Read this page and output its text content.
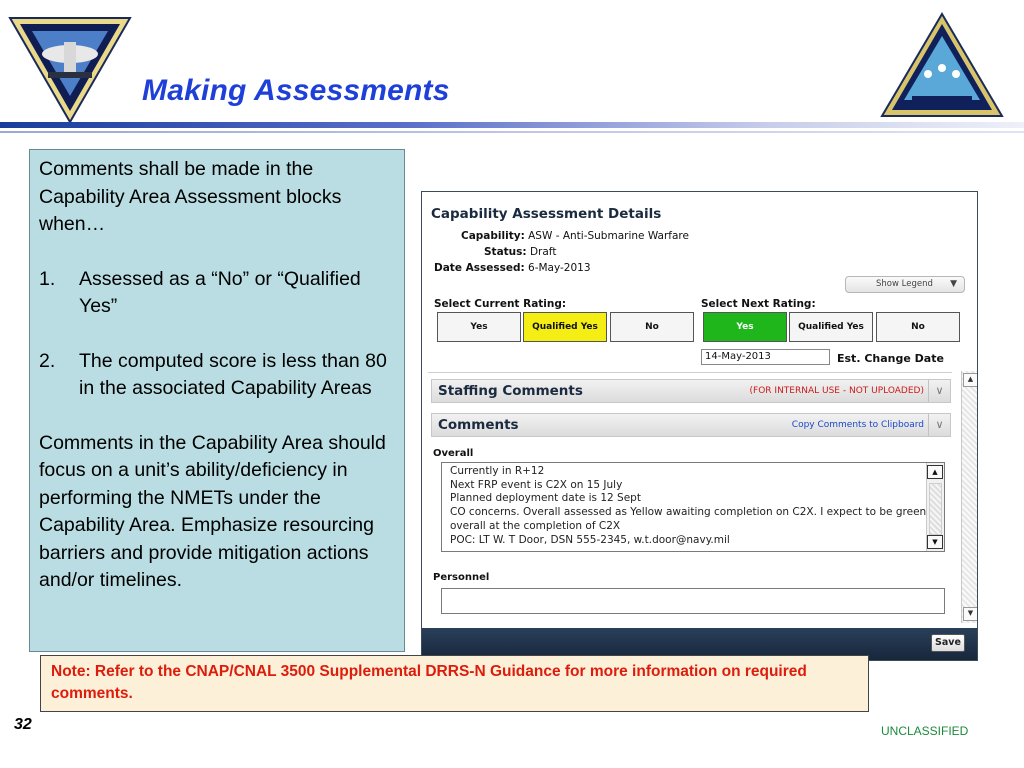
Making Assessments

Comments shall be made in the Capability Area Assessment blocks when…

1.	Assessed as a “No” or “Qualified Yes”
2.	The computed score is less than 80 in the associated Capability Areas

Comments in the Capability Area should focus on a unit’s ability/deficiency in performing the NMETs under the Capability Area. Emphasize resourcing barriers and provide mitigation actions and/or timelines.

Capability Assessment Details
Capability: ASW - Anti-Submarine Warfare
Status: Draft
Date Assessed: 6-May-2013
Show Legend ▼
Select Current Rating:	Select Next Rating:
Yes	Qualified Yes	No	Yes	Qualified Yes	No
14-May-2013	Est. Change Date
Staffing Comments	(FOR INTERNAL USE - NOT UPLOADED)	∨
Comments	Copy Comments to Clipboard	∨
Overall
Currently in R+12
Next FRP event is C2X on 15 July
Planned deployment date is 12 Sept
CO concerns. Overall assessed as Yellow awaiting completion on C2X. I expect to be green
overall at the completion of C2X
POC: LT W. T Door, DSN 555-2345, w.t.door@navy.mil
▲
▼
Personnel
▲
▼
Save
Note: Refer to the CNAP/CNAL 3500 Supplemental DRRS-N Guidance for more information on required comments.
32	UNCLASSIFIED
